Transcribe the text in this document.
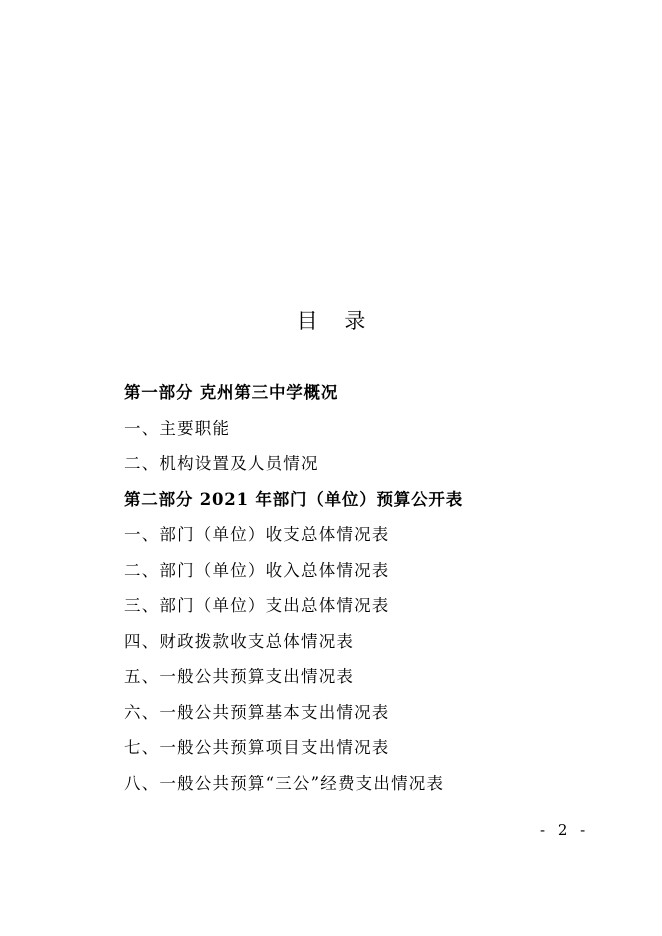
目 录
第一部分 克州第三中学概况
一、主要职能
二、机构设置及人员情况
第二部分 2021 年部门（单位）预算公开表
一、部门（单位）收支总体情况表
二、部门（单位）收入总体情况表
三、部门（单位）支出总体情况表
四、财政拨款收支总体情况表
五、一般公共预算支出情况表
六、一般公共预算基本支出情况表
七、一般公共预算项目支出情况表
八、一般公共预算“三公”经费支出情况表
- 2 -
